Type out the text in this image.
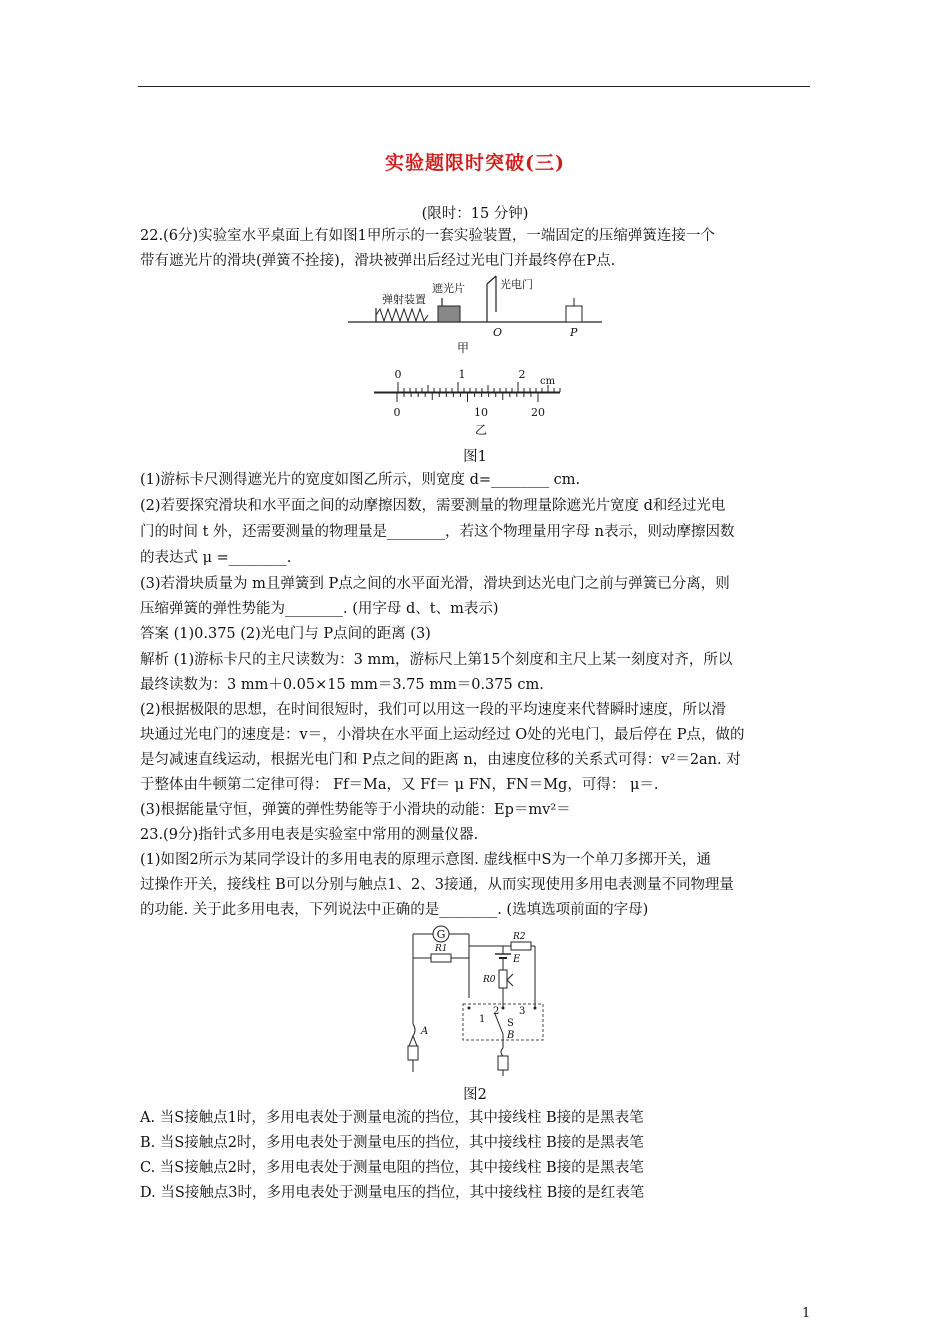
实验题限时突破(三)
(限时：15 分钟)
22.(6分)实验室水平桌面上有如图1甲所示的一套实验装置，一端固定的压缩弹簧连接一个
带有遮光片的滑块(弹簧不拴接)，滑块被弹出后经过光电门并最终停在P点.
弹射装置
遮光片	光电门
O	P
甲
0	1	2
cm
0	10	20
乙
图1
(1)游标卡尺测得遮光片的宽度如图乙所示，则宽度 d=________ cm.
(2)若要探究滑块和水平面之间的动摩擦因数，需要测量的物理量除遮光片宽度 d和经过光电
门的时间 t 外，还需要测量的物理量是________，若这个物理量用字母 n表示，则动摩擦因数
的表达式 μ =________.
(3)若滑块质量为 m且弹簧到 P点之间的水平面光滑，滑块到达光电门之前与弹簧已分离，则
压缩弹簧的弹性势能为________. (用字母 d、t、m表示)
答案 (1)0.375 (2)光电门与 P点间的距离 (3)
解析 (1)游标卡尺的主尺读数为：3 mm，游标尺上第15个刻度和主尺上某一刻度对齐，所以
最终读数为：3 mm＋0.05×15 mm＝3.75 mm＝0.375 cm.
(2)根据极限的思想，在时间很短时，我们可以用这一段的平均速度来代替瞬时速度，所以滑
块通过光电门的速度是：v＝，小滑块在水平面上运动经过 O处的光电门，最后停在 P点，做的
是匀减速直线运动，根据光电门和 P点之间的距离 n，由速度位移的关系式可得：v²＝2an. 对
于整体由牛顿第二定律可得： Ff＝Ma，又 Ff＝ μ FN，FN＝Mg，可得： μ＝.
(3)根据能量守恒，弹簧的弹性势能等于小滑块的动能：Ep＝mv²＝
23.(9分)指针式多用电表是实验室中常用的测量仪器.
(1)如图2所示为某同学设计的多用电表的原理示意图. 虚线框中S为一个单刀多掷开关，通
过操作开关，接线柱 B可以分别与触点1、2、3接通，从而实现使用多用电表测量不同物理量
的功能. 关于此多用电表，下列说法中正确的是________. (选填选项前面的字母)
G
R1
R2
E
R0
1
2 3
S
B
A
图2
A. 当S接触点1时，多用电表处于测量电流的挡位，其中接线柱 B接的是黑表笔
B. 当S接触点2时，多用电表处于测量电压的挡位，其中接线柱 B接的是黑表笔
C. 当S接触点2时，多用电表处于测量电阻的挡位，其中接线柱 B接的是黑表笔
D. 当S接触点3时，多用电表处于测量电压的挡位，其中接线柱 B接的是红表笔
1
